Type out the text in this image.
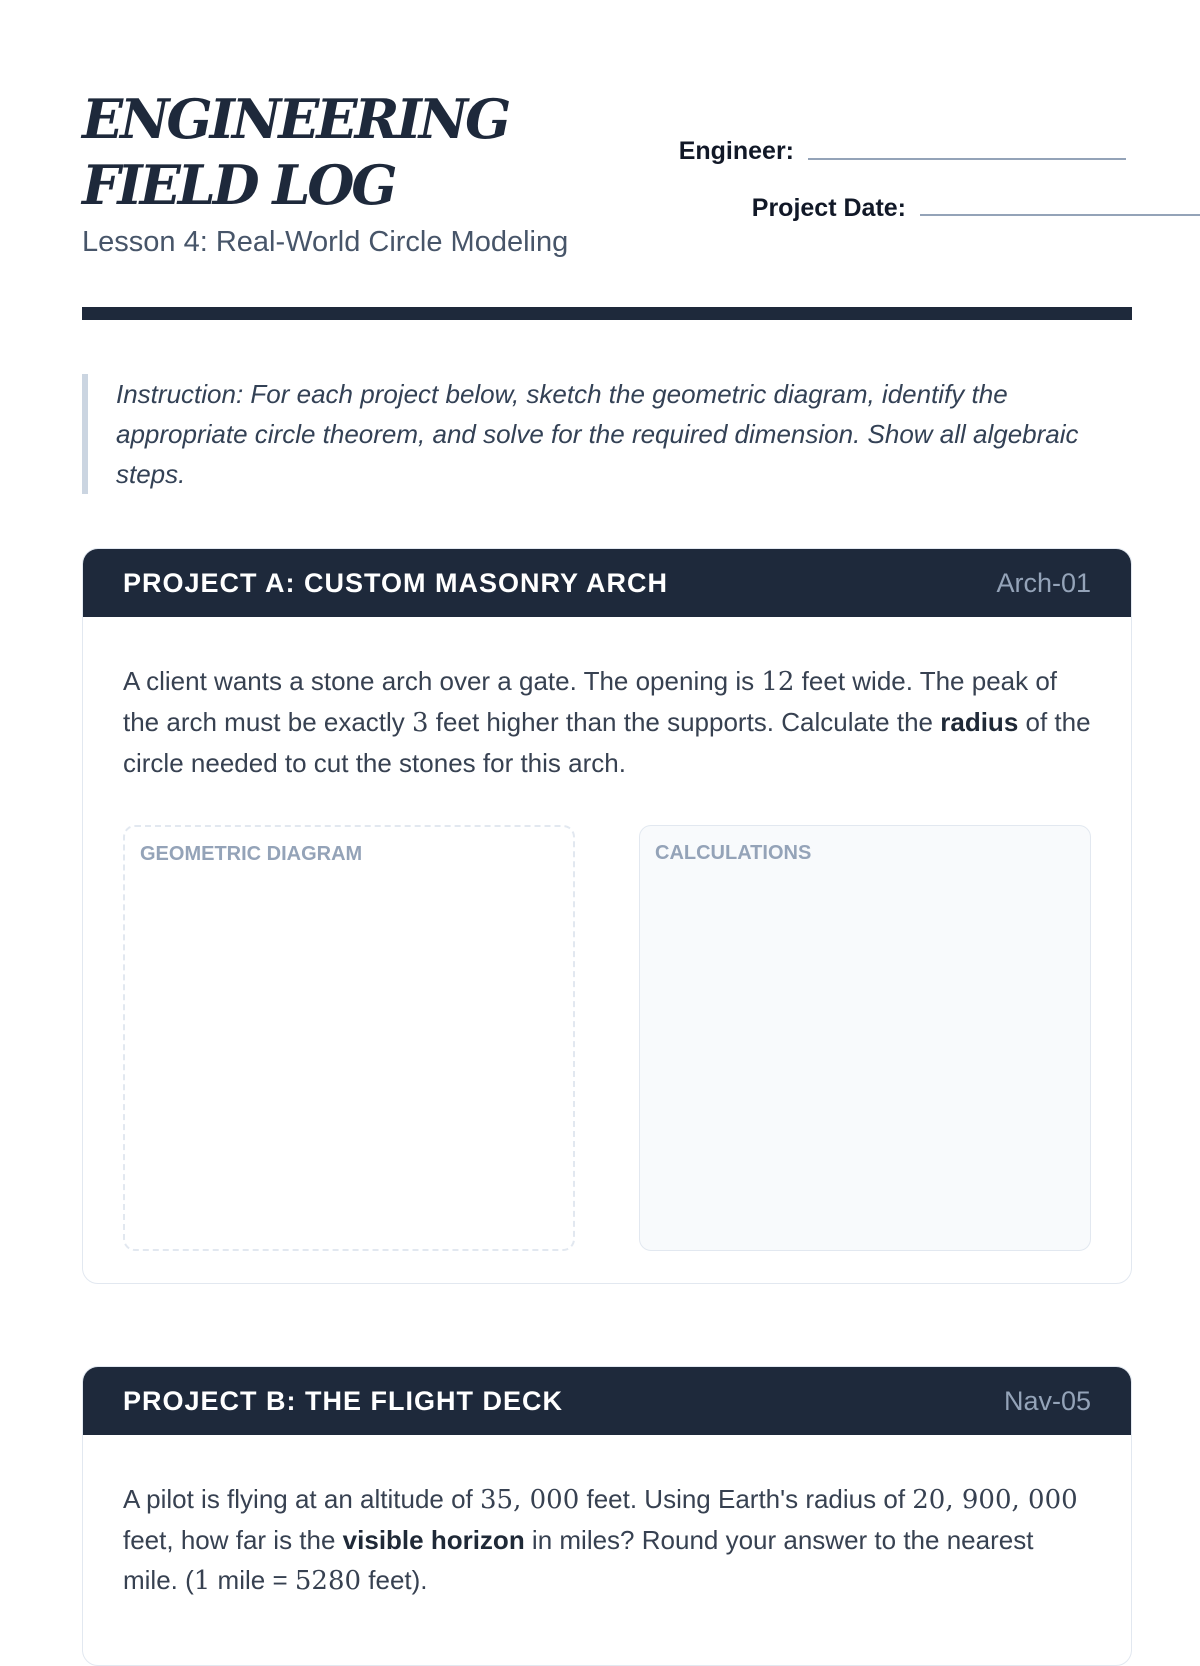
ENGINEERING FIELD LOG
Lesson 4: Real-World Circle Modeling
Engineer:
Project Date:
Instruction: For each project below, sketch the geometric diagram, identify the appropriate circle theorem, and solve for the required dimension. Show all algebraic steps.
PROJECT A: CUSTOM MASONRY ARCH	Arch-01

A client wants a stone arch over a gate. The opening is 12 feet wide. The peak of the arch must be exactly 3 feet higher than the supports. Calculate the radius of the circle needed to cut the stones for this arch.

GEOMETRIC DIAGRAM	CALCULATIONS
PROJECT B: THE FLIGHT DECK	Nav-05

A pilot is flying at an altitude of 35, 000 feet. Using Earth's radius of 20, 900, 000 feet, how far is the visible horizon in miles? Round your answer to the nearest mile. (1 mile = 5280 feet).
